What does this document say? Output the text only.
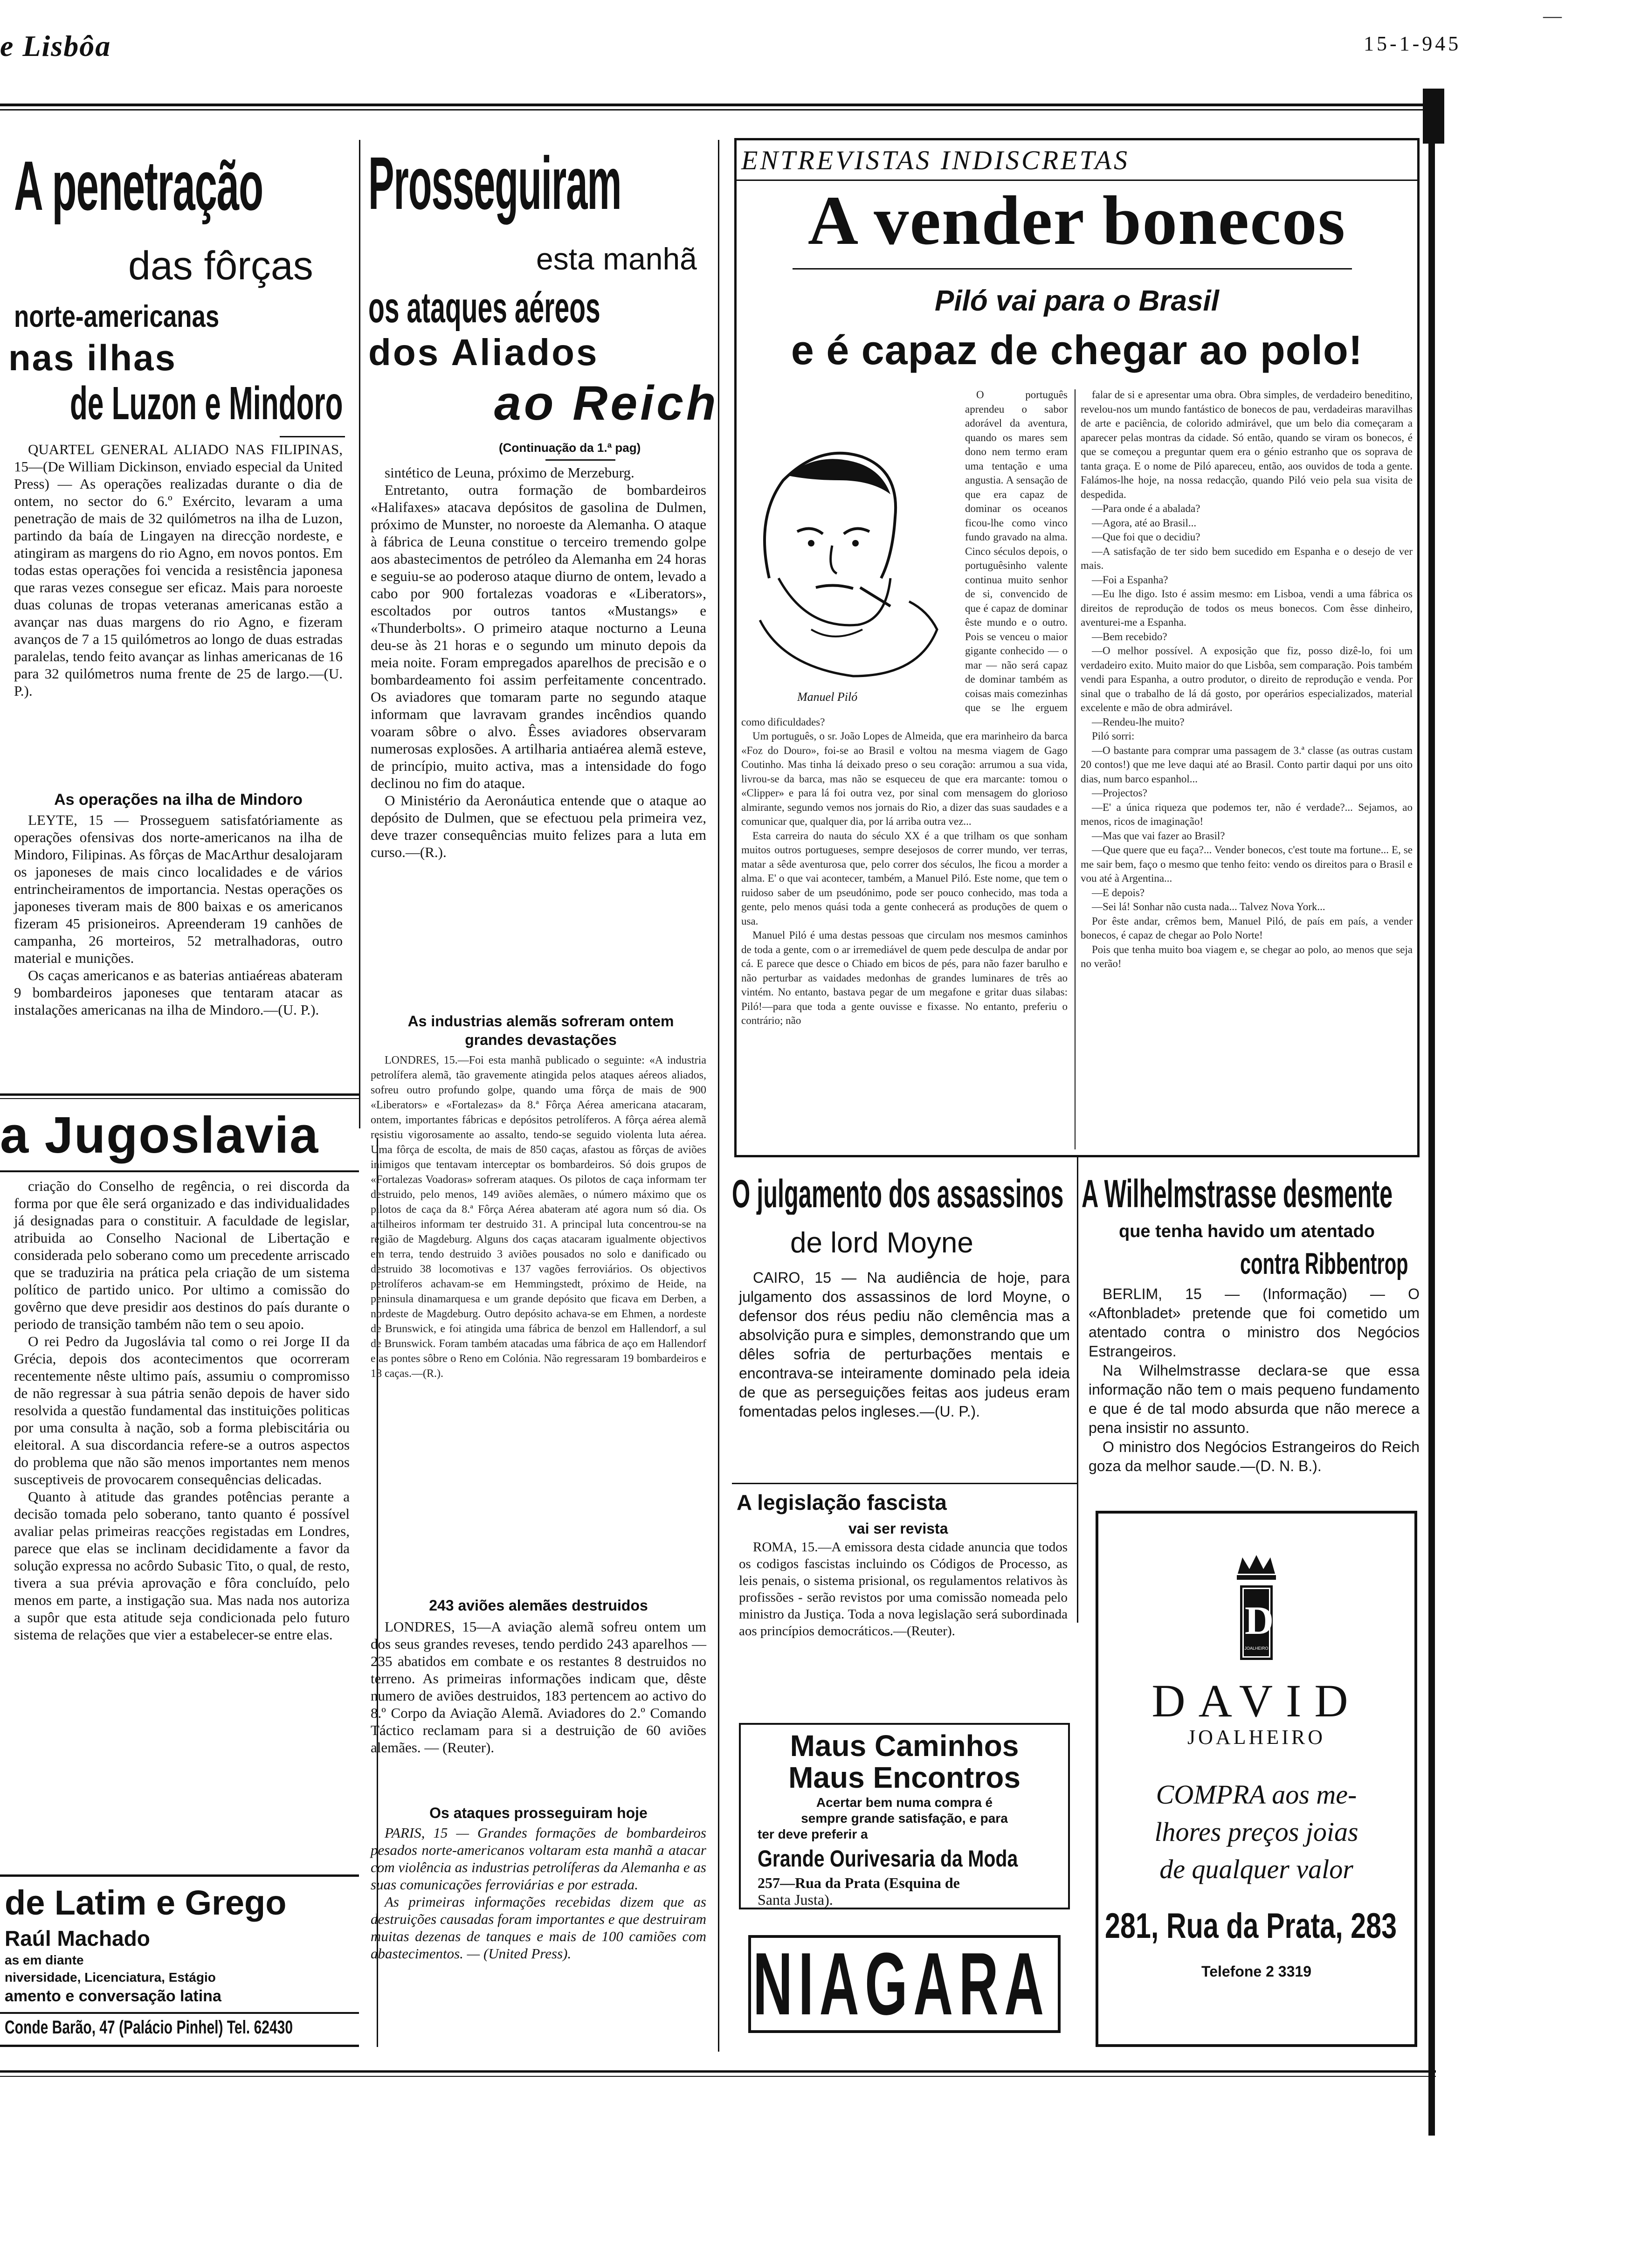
e Lisbôa	15-1-945
—
A penetração
das fôrças
norte-americanas
nas ilhas
de Luzon e Mindoro

QUARTEL GENERAL ALIADO NAS FILIPINAS, 15—(De William Dickinson, enviado especial da United Press) — As operações realizadas durante o dia de ontem, no sector do 6.º Exército, levaram a uma penetração de mais de 32 quilómetros na ilha de Luzon, partindo da baía de Lingayen na direcção nordeste, e atingiram as margens do rio Agno, em novos pontos. Em todas estas operações foi vencida a resistência japonesa que raras vezes consegue ser eficaz. Mais para noroeste duas colunas de tropas veteranas americanas estão a avançar nas duas margens do rio Agno, e fizeram avanços de 7 a 15 quilómetros ao longo de duas estradas paralelas, tendo feito avançar as linhas americanas de 16 para 32 quilómetros numa frente de 25 de largo.—(U. P.).

As operações na ilha de Mindoro

LEYTE, 15 — Prosseguem satisfatóriamente as operações ofensivas dos norte-americanos na ilha de Mindoro, Filipinas. As fôrças de MacArthur desalojaram os japoneses de mais cinco localidades e de vários entrincheiramentos de importancia. Nestas operações os japoneses tiveram mais de 800 baixas e os americanos fizeram 45 prisioneiros. Apreenderam 19 canhões de campanha, 26 morteiros, 52 metralhadoras, outro material e munições.

Os caças americanos e as baterias antiaéreas abateram 9 bombardeiros japoneses que tentaram atacar as instalações americanas na ilha de Mindoro.—(U. P.).

a Jugoslavia

criação do Conselho de regência, o rei discorda da forma por que êle será organizado e das individualidades já designadas para o constituir. A faculdade de legislar, atribuida ao Conselho Nacional de Libertação e considerada pelo soberano como um precedente arriscado que se traduziria na prática pela criação de um sistema político de partido unico. Por ultimo a comissão do govêrno que deve presidir aos destinos do país durante o periodo de transição também não tem o seu apoio.

O rei Pedro da Jugoslávia tal como o rei Jorge II da Grécia, depois dos acontecimentos que ocorreram recentemente nêste ultimo país, assumiu o compromisso de não regressar à sua pátria senão depois de haver sido resolvida a questão fundamental das instituições politicas por uma consulta à nação, sob a forma plebiscitária ou eleitoral. A sua discordancia refere-se a outros aspectos do problema que não são menos importantes nem menos susceptiveis de provocarem consequências delicadas.

Quanto à atitude das grandes potências perante a decisão tomada pelo soberano, tanto quanto é possível avaliar pelas primeiras reacções registadas em Londres, parece que elas se inclinam decididamente a favor da solução expressa no acôrdo Subasic Tito, o qual, de resto, tivera a sua prévia aprovação e fôra concluído, pelo menos em parte, a instigação sua. Mas nada nos autoriza a supôr que esta atitude seja condicionada pelo futuro sistema de relações que vier a estabelecer-se entre elas.

de Latim e Grego
Raúl Machado
as em diante
niversidade, Licenciatura, Estágio
amento e conversação latina
Conde Barão, 47 (Palácio Pinhel) Tel. 62430
Prosseguiram
esta manhã
os ataques aéreos
dos Aliados
ao Reich
(Continuação da 1.ª pag)

sintético de Leuna, próximo de Merzeburg.

Entretanto, outra formação de bombardeiros «Halifaxes» atacava depósitos de gasolina de Dulmen, próximo de Munster, no noroeste da Alemanha. O ataque à fábrica de Leuna constitue o terceiro tremendo golpe aos abastecimentos de petróleo da Alemanha em 24 horas e seguiu-se ao poderoso ataque diurno de ontem, levado a cabo por 900 fortalezas voadoras e «Liberators», escoltados por outros tantos «Mustangs» e «Thunderbolts». O primeiro ataque nocturno a Leuna deu-se às 21 horas e o segundo um minuto depois da meia noite. Foram empregados aparelhos de precisão e o bombardeamento foi assim perfeitamente concentrado. Os aviadores que tomaram parte no segundo ataque informam que lavravam grandes incêndios quando voaram sôbre o alvo. Êsses aviadores observaram numerosas explosões. A artilharia antiaérea alemã esteve, de princípio, muito activa, mas a intensidade do fogo declinou no fim do ataque.

O Ministério da Aeronáutica entende que o ataque ao depósito de Dulmen, que se efectuou pela primeira vez, deve trazer consequências muito felizes para a luta em curso.—(R.).

As industrias alemãs sofreram ontem grandes devastações

LONDRES, 15.—Foi esta manhã publicado o seguinte: «A industria petrolífera alemã, tão gravemente atingida pelos ataques aéreos aliados, sofreu outro profundo golpe, quando uma fôrça de mais de 900 «Liberators» e «Fortalezas» da 8.ª Fôrça Aérea americana atacaram, ontem, importantes fábricas e depósitos petrolíferos. A fôrça aérea alemã resistiu vigorosamente ao assalto, tendo-se seguido violenta luta aérea. Uma fôrça de escolta, de mais de 850 caças, afastou as fôrças de aviões inimigos que tentavam interceptar os bombardeiros. Só dois grupos de «Fortalezas Voadoras» sofreram ataques. Os pilotos de caça informam ter destruido, pelo menos, 149 aviões alemães, o número máximo que os pilotos de caça da 8.ª Fôrça Aérea abateram até agora num só dia. Os artilheiros informam ter destruido 31. A principal luta concentrou-se na região de Magdeburg. Alguns dos caças atacaram igualmente objectivos em terra, tendo destruido 3 aviões pousados no solo e danificado ou destruido 38 locomotivas e 137 vagões ferroviários. Os objectivos petrolíferos achavam-se em Hemmingstedt, próximo de Heide, na peninsula dinamarquesa e um grande depósito que ficava em Derben, a nordeste de Magdeburg. Outro depósito achava-se em Ehmen, a nordeste de Brunswick, e foi atingida uma fábrica de benzol em Hallendorf, a sul de Brunswick. Foram também atacadas uma fábrica de aço em Hallendorf e as pontes sôbre o Reno em Colónia. Não regressaram 19 bombardeiros e 18 caças.—(R.).

243 aviões alemães destruidos

LONDRES, 15—A aviação alemã sofreu ontem um dos seus grandes reveses, tendo perdido 243 aparelhos — 235 abatidos em combate e os restantes 8 destruidos no terreno. As primeiras informações indicam que, dêste numero de aviões destruidos, 183 pertencem ao activo do 8.º Corpo da Aviação Alemã. Aviadores do 2.º Comando Táctico reclamam para si a destruição de 60 aviões alemães. — (Reuter).

Os ataques prosseguiram hoje

PARIS, 15 — Grandes formações de bombardeiros pesados norte-americanos voltaram esta manhã a atacar com violência as industrias petrolíferas da Alemanha e as suas comunicações ferroviárias e por estrada.

As primeiras informações recebidas dizem que as destruições causadas foram importantes e que destruiram muitas dezenas de tanques e mais de 100 camiões com abastecimentos. — (United Press).

ENTREVISTAS INDISCRETAS
A vender bonecos
Piló vai para o Brasil
e é capaz de chegar ao polo!
Manuel Piló

O português aprendeu o sabor adorável da aventura, quando os mares sem dono nem termo eram uma tentação e uma angustia. A sensação de que era capaz de dominar os oceanos ficou-lhe como vinco fundo gravado na alma. Cinco séculos depois, o portuguêsinho valente continua muito senhor de si, convencido de que é capaz de dominar êste mundo e o outro. Pois se venceu o maior gigante conhecido — o mar — não será capaz de dominar também as coisas mais comezinhas que se lhe erguem como dificuldades?

Um português, o sr. João Lopes de Almeida, que era marinheiro da barca «Foz do Douro», foi-se ao Brasil e voltou na mesma viagem de Gago Coutinho. Mas tinha lá deixado preso o seu coração: arrumou a sua vida, livrou-se da barca, mas não se esqueceu de que era marcante: tomou o «Clipper» e para lá foi outra vez, por sinal com mensagem do glorioso almirante, segundo vemos nos jornais do Rio, a dizer das suas saudades e a comunicar que, qualquer dia, por lá arriba outra vez...

Esta carreira do nauta do século XX é a que trilham os que sonham muitos outros portugueses, sempre desejosos de correr mundo, ver terras, matar a sêde aventurosa que, pelo correr dos séculos, lhe ficou a morder a alma. E' o que vai acontecer, também, a Manuel Piló. Este nome, que tem o ruidoso saber de um pseudónimo, pode ser pouco conhecido, mas toda a gente, pelo menos quási toda a gente conhecerá as produções de quem o usa.

Manuel Piló é uma destas pessoas que circulam nos mesmos caminhos de toda a gente, com o ar irremediável de quem pede desculpa de andar por cá. E parece que desce o Chiado em bicos de pés, para não fazer barulho e não perturbar as vaidades medonhas de grandes luminares de três ao vintém. No entanto, bastava pegar de um megafone e gritar duas silabas: Piló!—para que toda a gente ouvisse e fixasse. No entanto, preferiu o contrário; não

falar de si e apresentar uma obra. Obra simples, de verdadeiro beneditino, revelou-nos um mundo fantástico de bonecos de pau, verdadeiras maravilhas de arte e paciência, de colorido admirável, que um belo dia começaram a aparecer pelas montras da cidade. Só então, quando se viram os bonecos, é que se começou a preguntar quem era o génio estranho que os soprava de tanta graça. E o nome de Piló apareceu, então, aos ouvidos de toda a gente. Falámos-lhe hoje, na nossa redacção, quando Piló veio pela sua visita de despedida.

—Para onde é a abalada?

—Agora, até ao Brasil...

—Que foi que o decidiu?

—A satisfação de ter sido bem sucedido em Espanha e o desejo de ver mais.

—Foi a Espanha?

—Eu lhe digo. Isto é assim mesmo: em Lisboa, vendi a uma fábrica os direitos de reprodução de todos os meus bonecos. Com êsse dinheiro, aventurei-me a Espanha.

—Bem recebido?

—O melhor possível. A exposição que fiz, posso dizê-lo, foi um verdadeiro exito. Muito maior do que Lisbôa, sem comparação. Pois também vendi para Espanha, a outro produtor, o direito de reprodução e venda. Por sinal que o trabalho de lá dá gosto, por operários especializados, material excelente e mão de obra admirável.

—Rendeu-lhe muito?

Piló sorri:

—O bastante para comprar uma passagem de 3.ª classe (as outras custam 20 contos!) que me leve daqui até ao Brasil. Conto partir daqui por uns oito dias, num barco espanhol...

—Projectos?

—E' a única riqueza que podemos ter, não é verdade?... Sejamos, ao menos, ricos de imaginação!

—Mas que vai fazer ao Brasil?

—Que quere que eu faça?... Vender bonecos, c'est toute ma fortune... E, se me sair bem, faço o mesmo que tenho feito: vendo os direitos para o Brasil e vou até à Argentina...

—E depois?

—Sei lá! Sonhar não custa nada... Talvez Nova York...

Por êste andar, crêmos bem, Manuel Piló, de país em país, a vender bonecos, é capaz de chegar ao Polo Norte!

Pois que tenha muito boa viagem e, se chegar ao polo, ao menos que seja no verão!

O julgamento dos assassinos
de lord Moyne

CAIRO, 15 — Na audiência de hoje, para julgamento dos assassinos de lord Moyne, o defensor dos réus pediu não clemência mas a absolvição pura e simples, demonstrando que um dêles sofria de perturbações mentais e encontrava-se inteiramente dominado pela ideia de que as perseguições feitas aos judeus eram fomentadas pelos ingleses.—(U. P.).

A legislação fascista
vai ser revista

ROMA, 15.—A emissora desta cidade anuncia que todos os codigos fascistas incluindo os Códigos de Processo, as leis penais, o sistema prisional, os regulamentos relativos às profissões - serão revistos por uma comissão nomeada pelo ministro da Justiça. Toda a nova legislação será subordinada aos princípios democráticos.—(Reuter).

Maus Caminhos
Maus Encontros
Acertar bem numa compra é
sempre grande satisfação, e para
ter deve preferir a
Grande Ourivesaria da Moda
257—Rua da Prata (Esquina de
Santa Justa).
NIAGARA
A Wilhelmstrasse desmente
que tenha havido um atentado
contra Ribbentrop

BERLIM, 15 — (Informação) — O «Aftonbladet» pretende que foi cometido um atentado contra o ministro dos Negócios Estrangeiros.

Na Wilhelmstrasse declara-se que essa informação não tem o mais pequeno fundamento e que é de tal modo absurda que não merece a pena insistir no assunto.

O ministro dos Negócios Estrangeiros do Reich goza da melhor saude.—(D. N. B.).

D
JOALHEIRO
DAVID
JOALHEIRO
COMPRA aos me-
lhores preços joias
de qualquer valor
281, Rua da Prata, 283
Telefone 2 3319
